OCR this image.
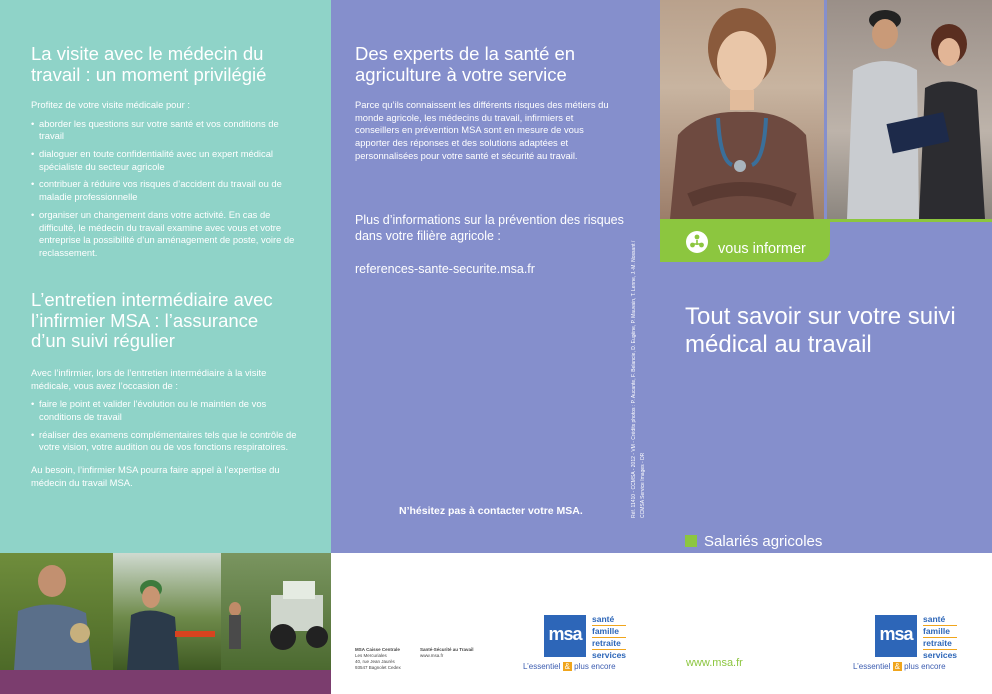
La visite avec le médecin du travail : un moment privilégié
Profitez de votre visite médicale pour :
• aborder les questions sur votre santé et vos conditions de travail
• dialoguer en toute confidentialité avec un expert médical spécialiste du secteur agricole
• contribuer à réduire vos risques d’accident du travail ou de maladie professionnelle
• organiser un changement dans votre activité. En cas de difficulté, le médecin du travail examine avec vous et votre entreprise la possibilité d’un aménagement de poste, voire de reclassement.
L’entretien intermédiaire avec l’infirmier MSA : l’assurance d’un suivi régulier
Avec l’infirmier, lors de l’entretien intermédiaire à la visite médicale, vous avez l’occasion de :
• faire le point et valider l’évolution ou le maintien de vos conditions de travail
• réaliser des examens complémentaires tels que le contrôle de votre vision, votre audition ou de vos fonctions respiratoires.
Au besoin, l’infirmier MSA pourra faire appel à l’expertise du médecin du travail MSA.
Des experts de la santé en agriculture à votre service
Parce qu’ils connaissent les différents risques des métiers du monde agricole, les médecins du travail, infirmiers et conseillers en prévention MSA sont en mesure de vous apporter des réponses et des solutions adaptées et personnalisées pour votre santé et sécurité au travail.
Plus d’informations sur la prévention des risques dans votre filière agricole :
references-sante-securite.msa.fr
N’hésitez pas à contacter votre MSA.	Réf. 11410 - CCMSA - 2012 - VM - Crédits photos : P. Aucante, F. Belancie, D. Eugène, P. Mauvain, T. Lenne, J.-M. Nossant / CCMSA Service Images - DR
vous informer
Tout savoir sur votre suivi médical au travail
Salariés agricoles
MSA Caisse Centrale
Les Mercuriales
40, rue Jean Jaurès
93547 Bagnolet Cedex
Santé-Sécurité au Travail
www.msa.fr
msa
santé
famille
retraite
services
L’essentiel & plus encore	www.msa.fr
msa
santé
famille
retraite
services
L’essentiel & plus encore
